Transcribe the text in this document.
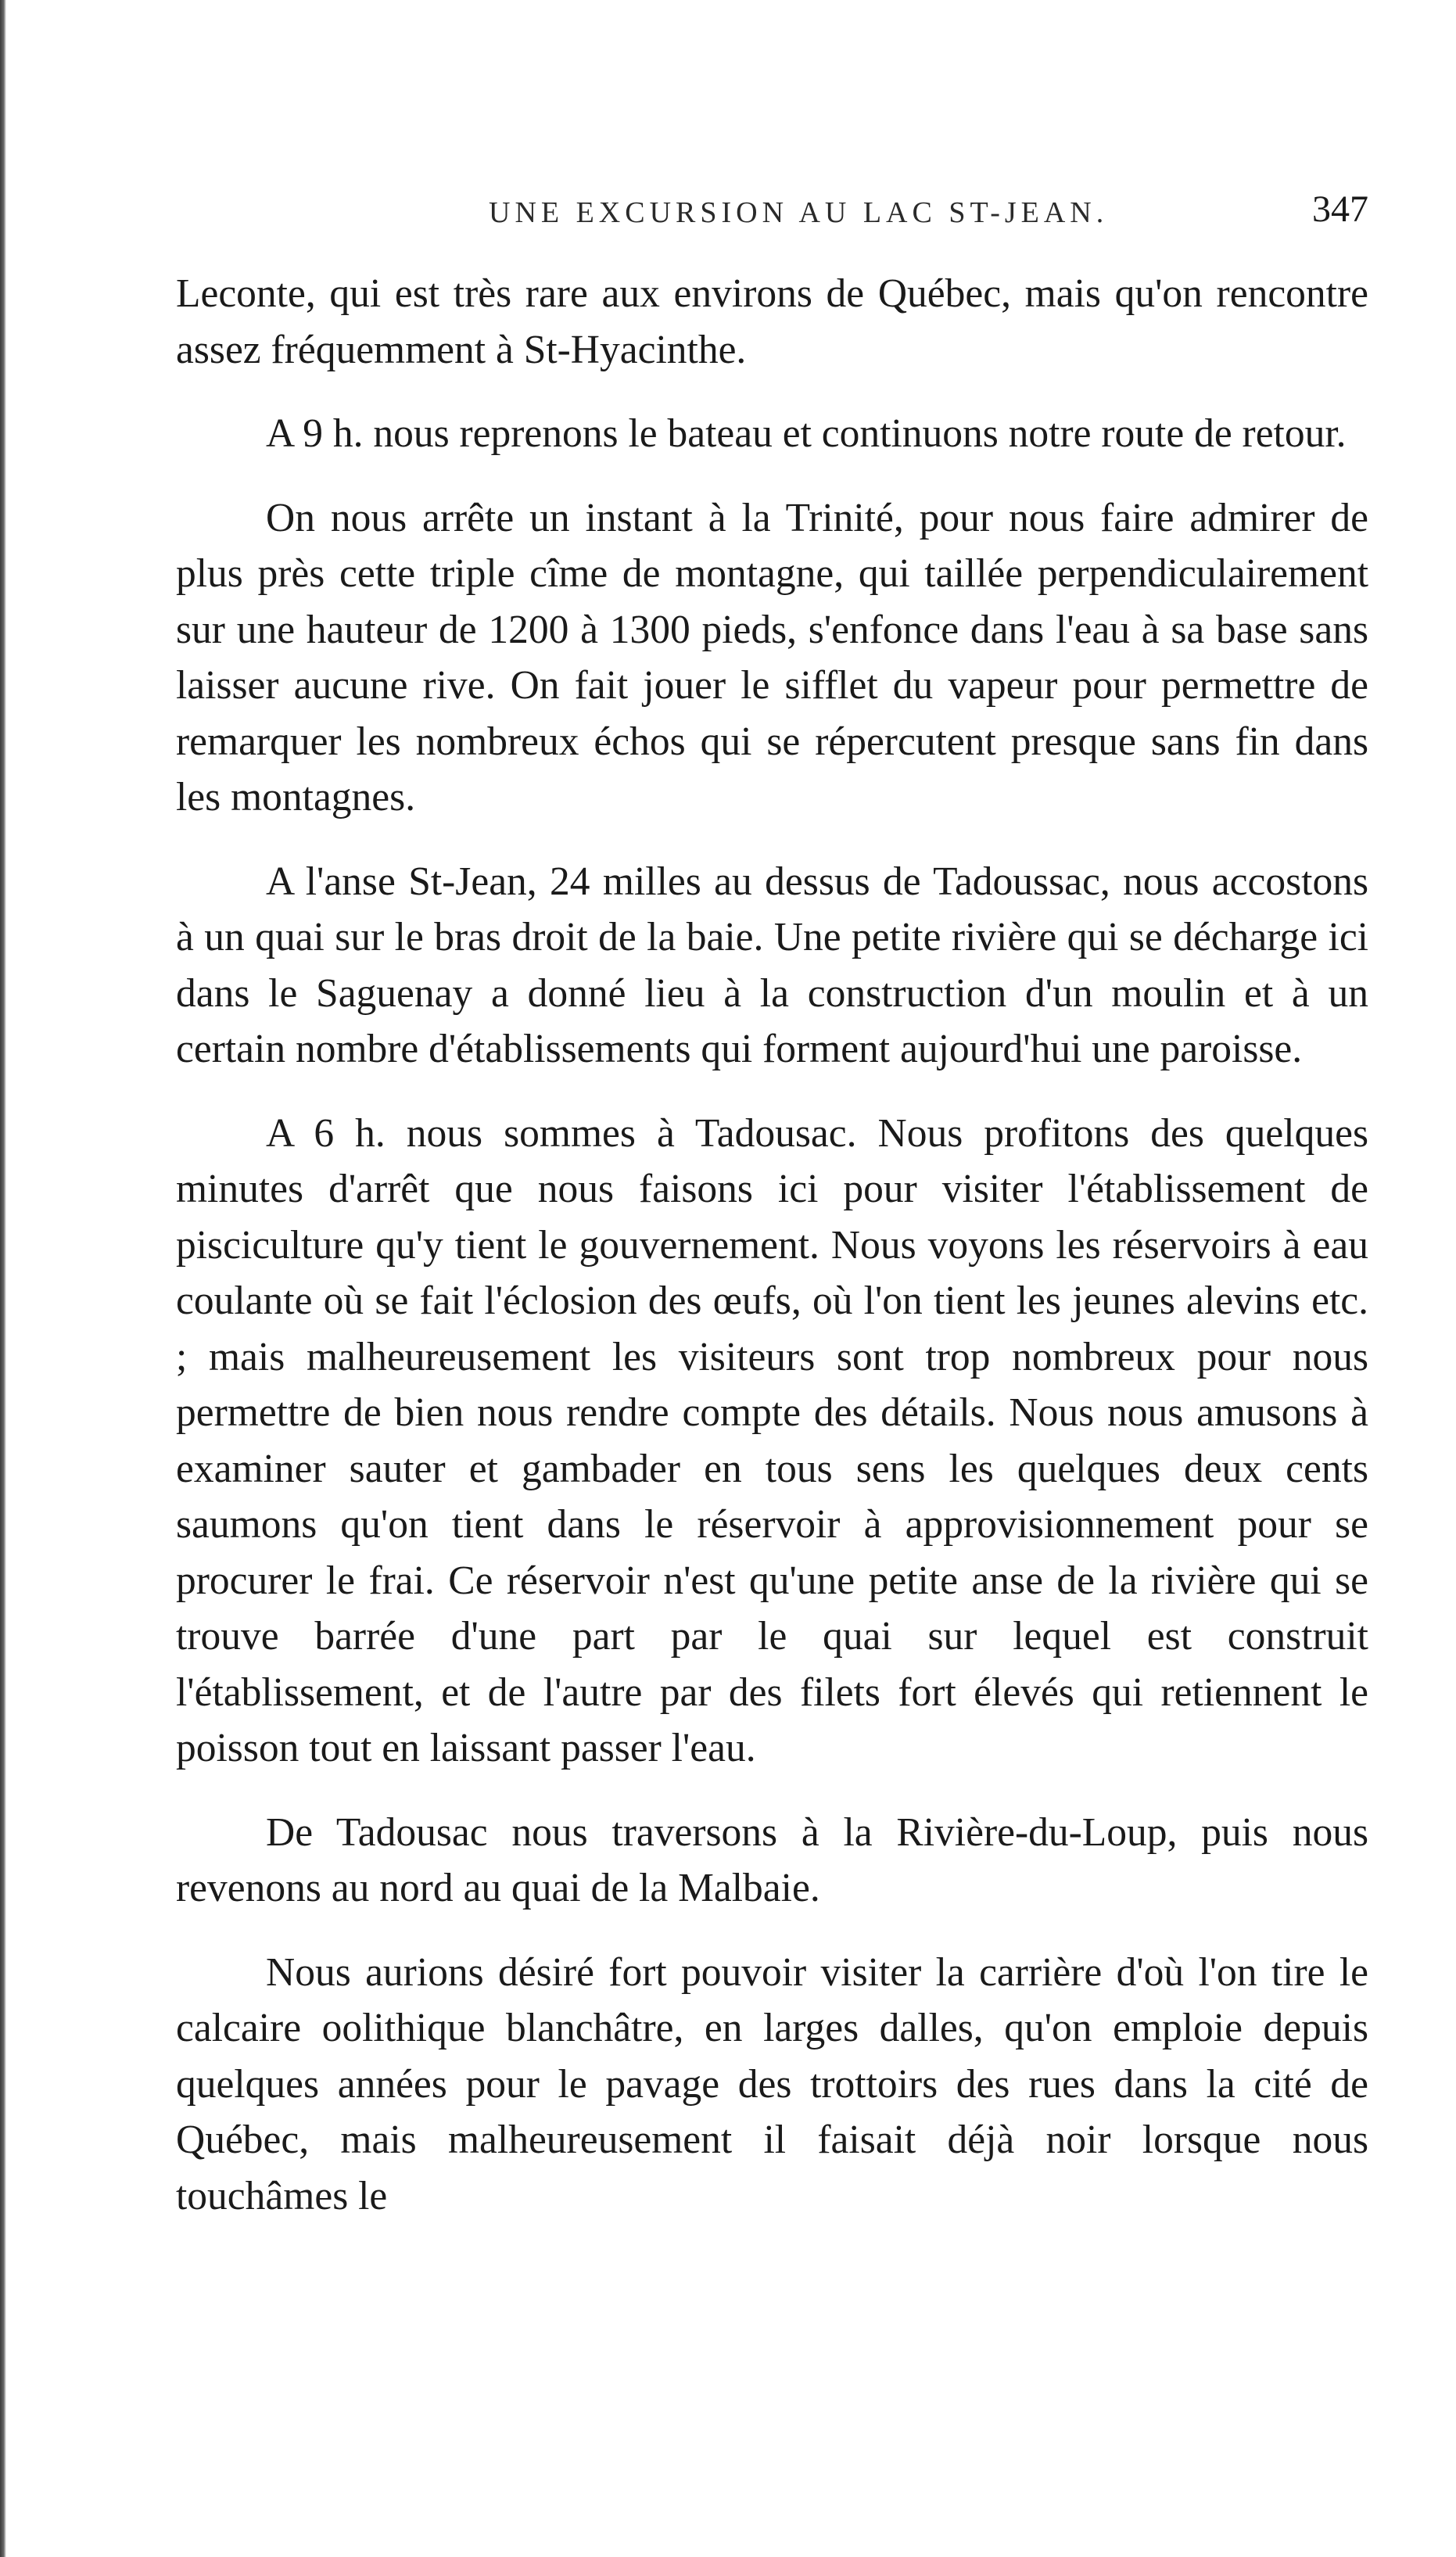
UNE EXCURSION AU LAC ST-JEAN.	347

Leconte, qui est très rare aux environs de Québec, mais qu'on rencontre assez fréquemment à St-Hyacinthe.

A 9 h. nous reprenons le bateau et continuons notre route de retour.

On nous arrête un instant à la Trinité, pour nous faire admirer de plus près cette triple cîme de montagne, qui taillée perpendiculairement sur une hauteur de 1200 à 1300 pieds, s'enfonce dans l'eau à sa base sans laisser aucune rive. On fait jouer le sifflet du vapeur pour permettre de remarquer les nombreux échos qui se répercutent presque sans fin dans les montagnes.

A l'anse St-Jean, 24 milles au dessus de Tadoussac, nous accostons à un quai sur le bras droit de la baie. Une petite rivière qui se décharge ici dans le Saguenay a donné lieu à la construction d'un moulin et à un certain nombre d'établissements qui forment aujourd'hui une paroisse.

A 6 h. nous sommes à Tadousac. Nous profitons des quelques minutes d'arrêt que nous faisons ici pour visiter l'établissement de pisciculture qu'y tient le gouvernement. Nous voyons les réservoirs à eau coulante où se fait l'éclosion des œufs, où l'on tient les jeunes alevins etc. ; mais malheureusement les visiteurs sont trop nombreux pour nous permettre de bien nous rendre compte des détails. Nous nous amusons à examiner sauter et gambader en tous sens les quelques deux cents saumons qu'on tient dans le réservoir à approvisionnement pour se procurer le frai. Ce réservoir n'est qu'une petite anse de la rivière qui se trouve barrée d'une part par le quai sur lequel est construit l'établissement, et de l'autre par des filets fort élevés qui retiennent le poisson tout en laissant passer l'eau.

De Tadousac nous traversons à la Rivière-du-Loup, puis nous revenons au nord au quai de la Malbaie.

Nous aurions désiré fort pouvoir visiter la carrière d'où l'on tire le calcaire oolithique blanchâtre, en larges dalles, qu'on emploie depuis quelques années pour le pavage des trottoirs des rues dans la cité de Québec, mais malheureusement il faisait déjà noir lorsque nous touchâmes le
